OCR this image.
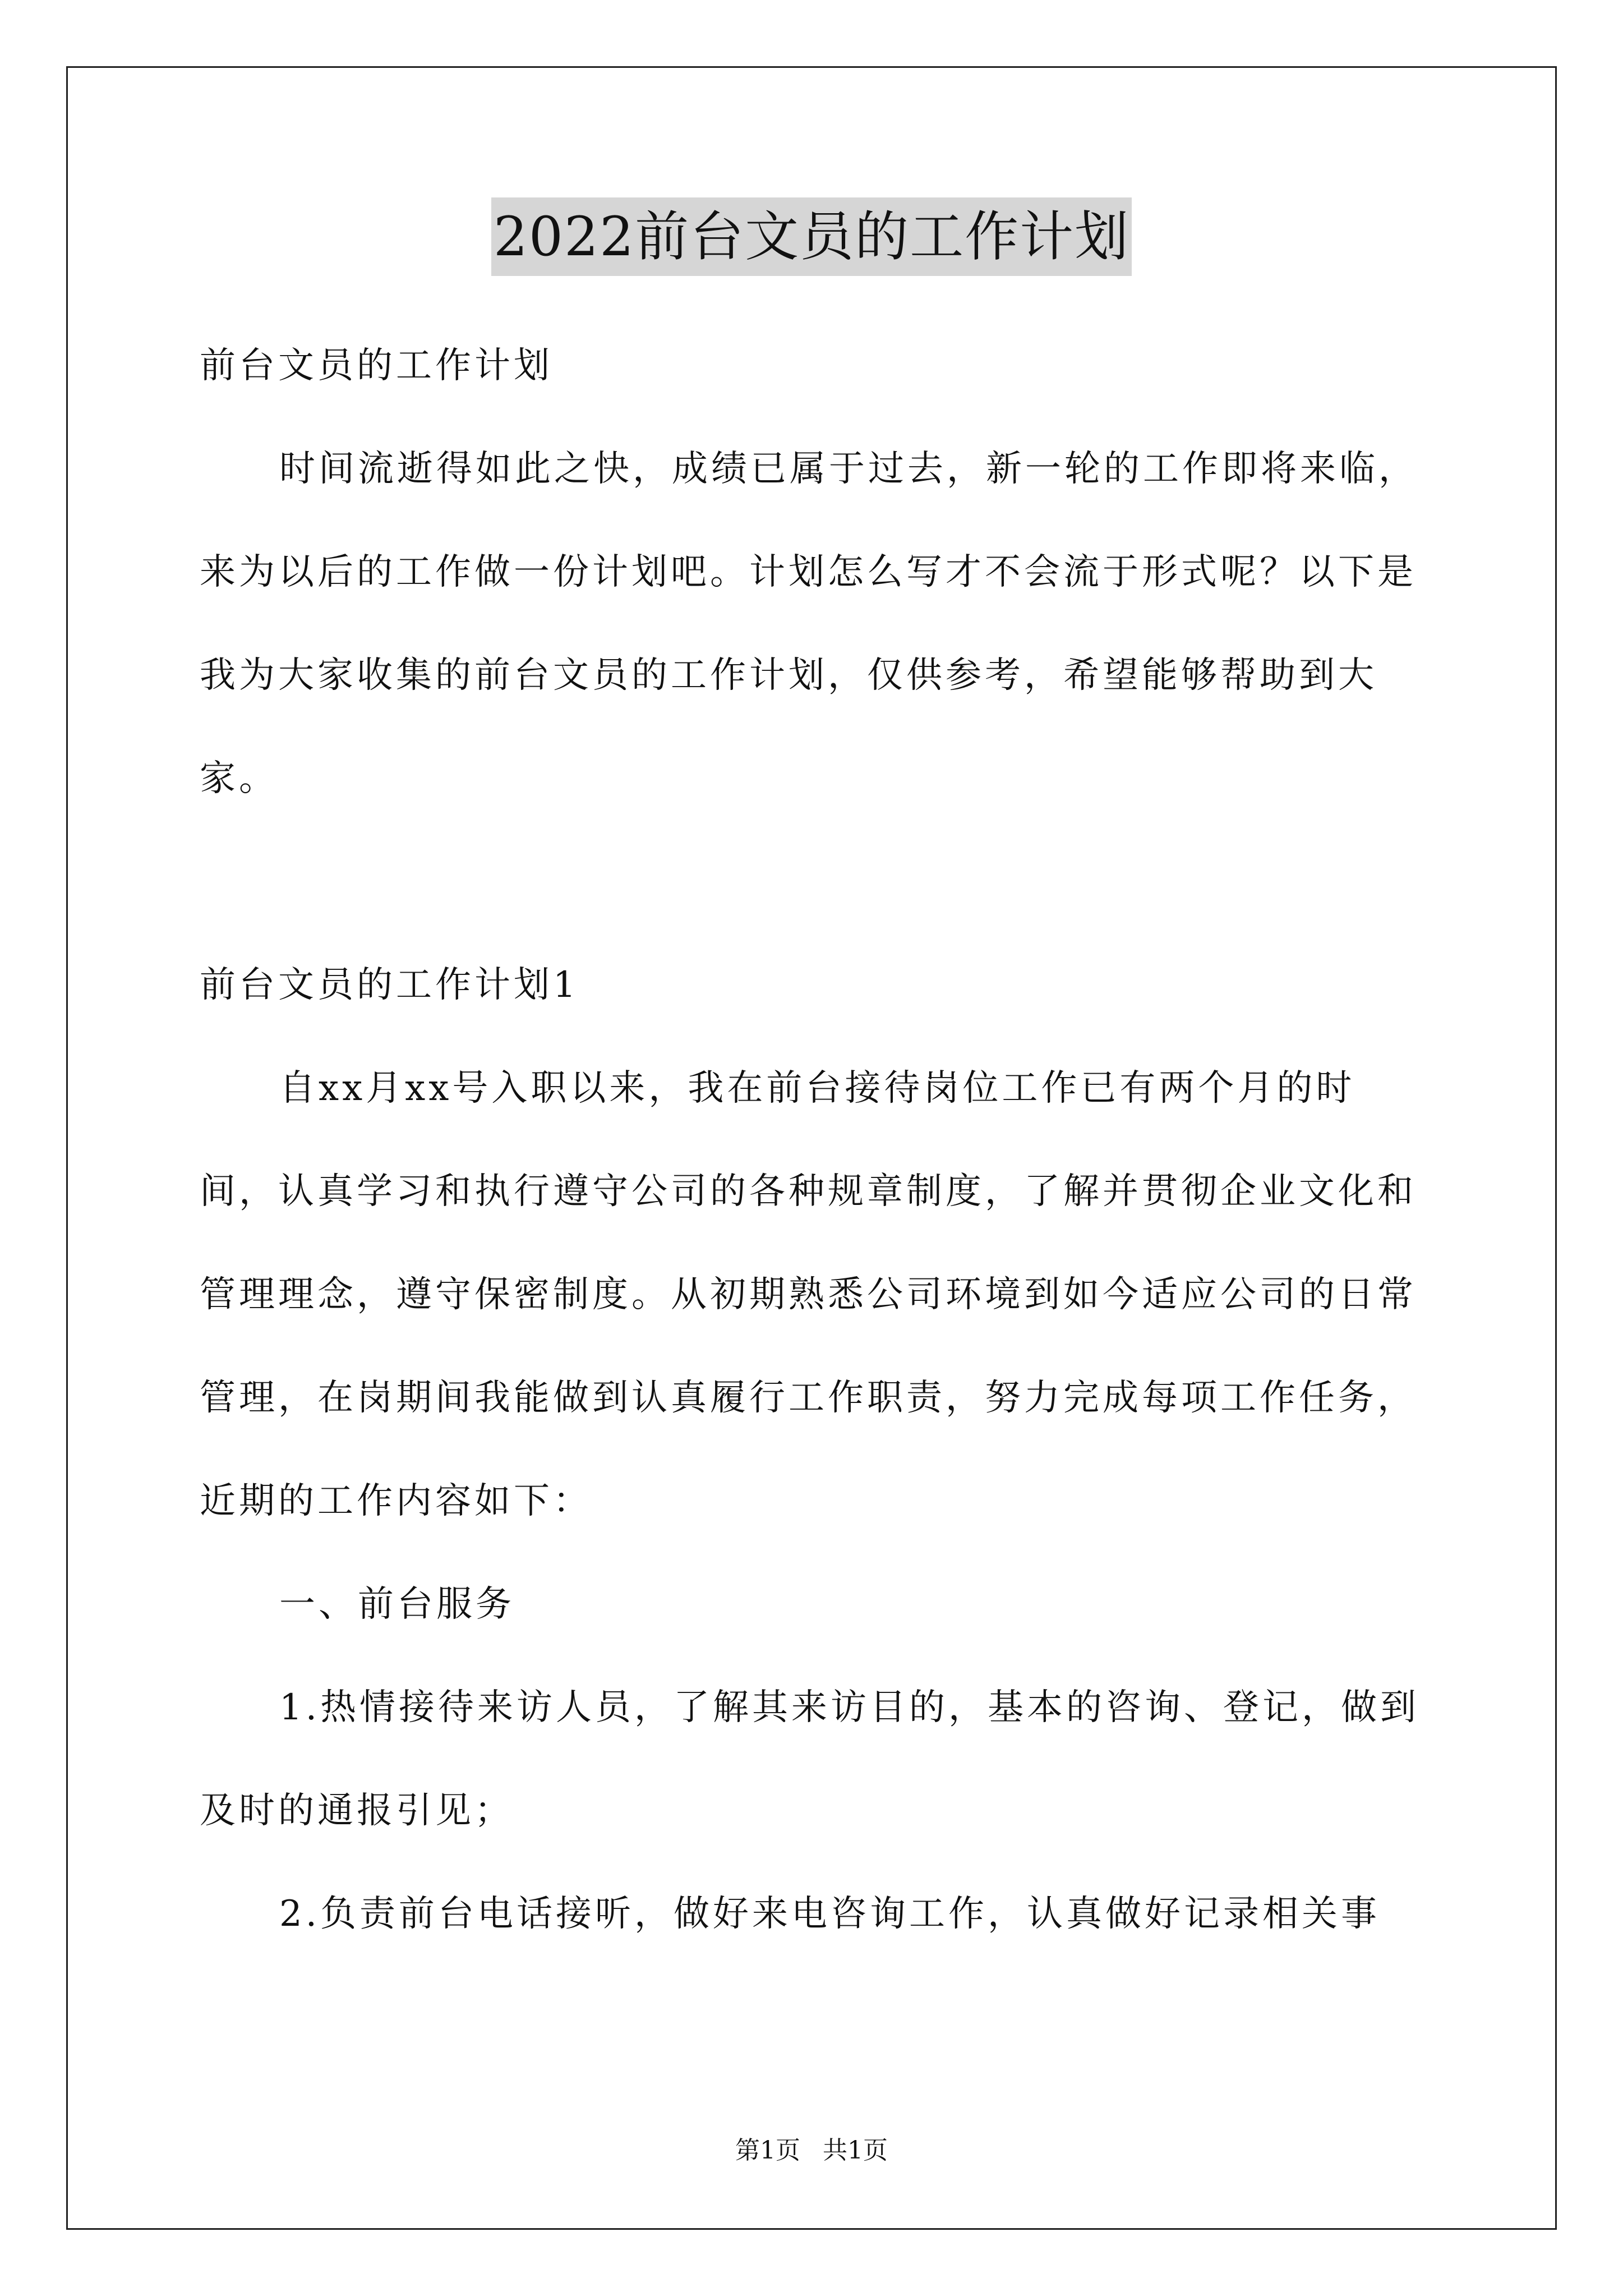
2022前台文员的工作计划

前台文员的工作计划

时间流逝得如此之快，成绩已属于过去，新一轮的工作即将来临，来为以后的工作做一份计划吧。计划怎么写才不会流于形式呢？以下是我为大家收集的前台文员的工作计划，仅供参考，希望能够帮助到大家。

前台文员的工作计划1

自xx月xx号入职以来，我在前台接待岗位工作已有两个月的时间，认真学习和执行遵守公司的各种规章制度，了解并贯彻企业文化和管理理念，遵守保密制度。从初期熟悉公司环境到如今适应公司的日常管理，在岗期间我能做到认真履行工作职责，努力完成每项工作任务，近期的工作内容如下：

一、前台服务

1.热情接待来访人员，了解其来访目的，基本的咨询、登记，做到及时的通报引见；

2.负责前台电话接听，做好来电咨询工作，认真做好记录相关事

第1页 共1页
